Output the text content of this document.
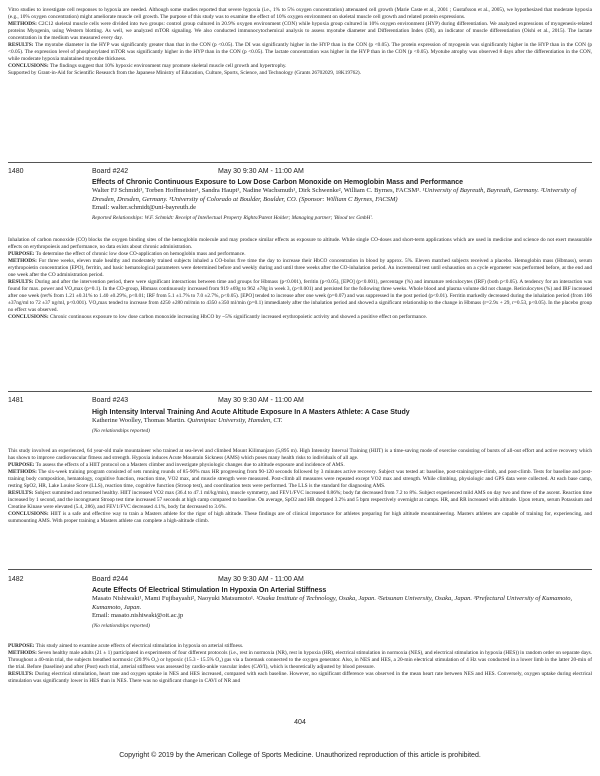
Vitro studies to investigate cell responses to hypoxia are needed. Although some studies reported that severe hypoxia (i.e., 1% to 5% oxygen concentration) attenuated cell growth (Marie Caste et al., 2001 ; Gustafsson et al., 2005), we hypothesized that moderate hypoxia (e.g., 10% oxygen concentration) might ameliorate muscle cell growth. The purpose of this study was to examine the effect of 10% oxygen environment on skeletal muscle cell growth and related protein expressions.

METHODS: C2C12 skeletal muscle cells were divided into two groups: control group cultured in 20.9% oxygen environment (CON) while hypoxia group cultured in 10% oxygen environment (HYP) during differentiation. We analyzed expressions of myogenesis-related proteins Myogenin, using Western blotting. As well, we analyzed mTOR signaling. We also conducted immunocytochemical analysis to assess myotube diameter and Differentiation Index (DI), an indicator of muscle differentiation (Oishi et al., 2015). The lactate concentration in the medium was measured every day.

RESULTS: The myotube diameter in the HYP was significantly greater than that in the CON (p <0.05). The DI was significantly higher in the HYP than in the CON (p <0.05). The protein expression of myogenin was significantly higher in the HYP than in the CON (p <0.05). The expression level of phosphorylated mTOR was significantly higher in the HYP than in the CON (p <0.05). The lactate concentration was higher in the HYP than in the CON (p <0.05). Myotube atrophy was observed 8 days after the differentiation in the CON, while moderate hypoxia maintained myotube thickness.

CONCLUSIONS: The findings suggest that 10% hypoxic environment may promote skeletal muscle cell growth and hypertrophy.

Supported by Grant-in-Aid for Scientific Research from the Japanese Ministry of Education, Culture, Sports, Science, and Technology (Grants 26702029, 18K19762).

1480	Board #242	May 30 9:30 AM - 11:00 AM

Effects of Chronic Continuous Exposure to Low Dose Carbon Monoxide on Hemoglobin Mass and Performance

Walter FJ Schmidt¹, Torben Hoffmeister¹, Sandra Haupt¹, Nadine Wachsmuth¹, Dirk Schwenke², William C. Byrnes, FACSM³. ¹University of Bayreuth, Bayreuth, Germany. ²University of Dresden, Dresden, Germany. ³University of Colorado at Boulder, Boulder, CO. (Sponsor: William C Byrnes, FACSM)

Email: walter.schmidt@uni-bayreuth.de

Reported Relationships: W.F. Schmidt: Receipt of Intellectual Property Rights/Patent Holder; Managing partner; 'Blood tec GmbH'.

Inhalation of carbon monoxide (CO) blocks the oxygen binding sites of the hemoglobin molecule and may produce similar effects as exposure to altitude. While single CO-doses and short-term applications which are used in medicine and science do not exert measurable effects on erythropoiesis and performance, no data exists about chronic administration.

PURPOSE: To determine the effect of chronic low dose CO-application on hemoglobin mass and performance.

METHODS: For three weeks, eleven male healthy and moderately trained subjects inhaled a CO-bolus five time the day to increase their HbCO concentration in blood by approx. 5%. Eleven matched subjects received a placebo. Hemoglobin mass (Hbmass), serum erythropoietin concentration (EPO), ferritin, and basic hematological parameters were determined before and weekly during and until three weeks after the CO-inhalation period. An incremental test until exhaustion on a cycle ergometer was performed before, at the end and one week after the CO administration period.

RESULTS: During and after the intervention period, there were significant interactions between time and groups for Hbmass (p<0.001), ferritin (p<0.05), [EPO] (p<0.001), percentage (%) and immature reticulocytes (IRF) (both p<0.05). A tendency for an interaction was found for max. power and VO₂max (p=0.1). In the CO-group, Hbmass continuously increased from 919 ±69g to 962 ±78g in week 3, (p<0.001) and persisted for the following three weeks. Whole blood and plasma volume did not change. Reticulocytes (%) and IRF increased after one week (ret% from 1.21 ±0.31% to 1.40 ±0.29%, p<0.01; IRF from 5.1 ±1.7% to 7.0 ±2.7%, p<0.05). [EPO] tended to increase after one week (p=0.07) and was suppressed in the post period (p<0.01). Ferritin markedly decreased during the inhalation period (from 106 ±37ng/ml to 72 ±37 ng/ml, p<0.001). VO₂max tended to increase from 4250 ±280 ml/min to 4350 ±350 ml/min (p=0.1) immediately after the inhalation period and showed a significant relationship to the change in Hbmass (r=2.9x + 29, r=0.53, p<0.05). In the placebo group no effect was observed.

CONCLUSIONS: Chronic continuous exposure to low dose carbon monoxide increasing HbCO by ~5% significantly increased erythropoietic activity and showed a positive effect on performance.

1481	Board #243	May 30 9:30 AM - 11:00 AM

High Intensity Interval Training And Acute Altitude Exposure In A Masters Athlete: A Case Study

Katherine Woolley, Thomas Martin. Quinnipiac University, Hamden, CT.

(No relationships reported)

This study involved an experienced, 64 year-old male mountaineer who trained at sea-level and climbed Mount Kilimanjaro (5,895 m). High Intensity Interval Training (HIIT) is a time-saving mode of exercise consisting of bursts of all-out effort and active recovery which has shown to improve cardiovascular fitness and strength. Hypoxia induces Acute Mountain Sickness (AMS) which poses many health risks to individuals of all age.

PURPOSE: To assess the effects of a HIIT protocol on a Masters climber and investigate physiologic changes due to altitude exposure and incidence of AMS.

METHODS: The six-week training program consisted of sets running rounds of 85-90% max HR progressing from 90-120 seconds followed by 3 minutes active recovery. Subject was tested at: baseline, post-training/pre-climb, and post-climb. Tests for baseline and post-training body composition, hematology, cognitive function, reaction time, VO2 max, and muscle strength were measured. Post-climb all measures were repeated except VO2 max and strength. While climbing, physiologic and GPS data were collected. At each base camp, resting SpO2, HR, Lake Louise Score (LLS), reaction time, cognitive function (Stroop test), and coordination tests were performed. The LLS is the standard for diagnosing AMS.

RESULTS: Subject summited and returned healthy. HIIT increased VO2 max (36.4 to 47.1 ml/kg/min), muscle symmetry, and FEV1/FVC increased 0.86%; body fat decreased from 7.2 to 8%. Subject experienced mild AMS on day two and three of the ascent. Reaction time increased by 1 second, and the incongruent Stroop test time increased 57 seconds at high camp compared to baseline. On average, SpO2 and HR dropped 3.2% and 5 bpm respectively overnight at camps. HR, and RR increased with altitude. Upon return, serum Potassium and Creatine Kinase were elevated (5.4, 286), and FEV1/FVC decreased 4.1%, body fat decreased to 3.6%.

CONCLUSIONS: HIIT is a safe and effective way to train a Masters athlete for the rigor of high altitude. These findings are of clinical importance for athletes preparing for high altitude mountaineering. Masters athletes are capable of training for, experiencing, and summounting AMS. With proper training a Masters athlete can complete a high-altitude climb.

1482	Board #244	May 30 9:30 AM - 11:00 AM

Acute Effects Of Electrical Stimulation In Hypoxia On Arterial Stiffness

Masato Nishiwaki¹, Mami Fujibayashi², Naoyuki Matsumoto¹. ¹Osaka Institute of Technology, Osaka, Japan. ²Setsunan University, Osaka, Japan. ³Prefectural University of Kumamoto, Kumamoto, Japan.

Email: masato.nishiwaki@oit.ac.jp

(No relationships reported)

PURPOSE: This study aimed to examine acute effects of electrical stimulation in hypoxia on arterial stiffness.

METHODS: Seven healthy male adults (21 ± 1) participated in experiments of four different protocols (i.e., rest in normoxia (NR), rest in hypoxia (HR), electrical stimulation in normoxia (NES), and electrical stimulation in hypoxia (HES)) in random order on separate days. Throughout a 40-min trial, the subjects breathed normoxic (20.9% O₂) or hypoxic (15.3 - 15.5% O₂) gas via a facemask connected to the oxygen generator. Also, in NES and HES, a 20-min electrical stimulation of 4 Hz was conducted in a lower limb in the latter 20-min of the trial. Before (baseline) and after (Post) each trial, arterial stiffness was assessed by cardio-ankle vascular index (CAVI), which is theoretically adjusted by blood pressure.

RESULTS: During electrical stimulation, heart rate and oxygen uptake in NES and HES increased, compared with each baseline. However, no significant difference was observed in the mean heart rate between NES and HES. Conversely, oxygen uptake during electrical stimulation was significantly lower in HES than in NES. There was no significant change in CAVI of NR and

404
Copyright © 2019 by the American College of Sports Medicine. Unauthorized reproduction of this article is prohibited.
